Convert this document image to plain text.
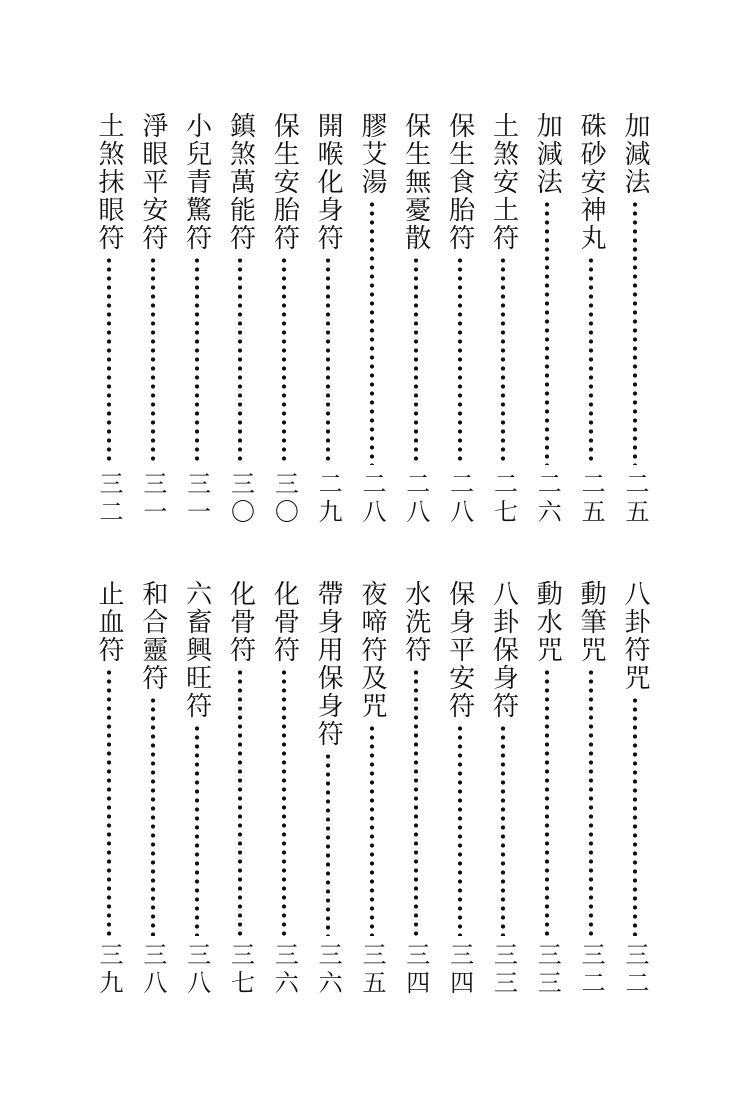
加減法
二五
硃砂安神丸
二五
加減法
二六
土煞安土符
二七
保生食胎符
二八
保生無憂散
二八
膠艾湯
二八
開喉化身符
二九
保生安胎符
三〇
鎮煞萬能符
三〇
小兒青驚符
三一
淨眼平安符
三一
土煞抹眼符
三二
八卦符咒
三二
動筆咒
三二
動水咒
三三
八卦保身符
三三
保身平安符
三四
水洗符
三四
夜啼符及咒
三五
帶身用保身符
三六
化骨符
三六
化骨符
三七
六畜興旺符
三八
和合靈符
三八
止血符
三九
